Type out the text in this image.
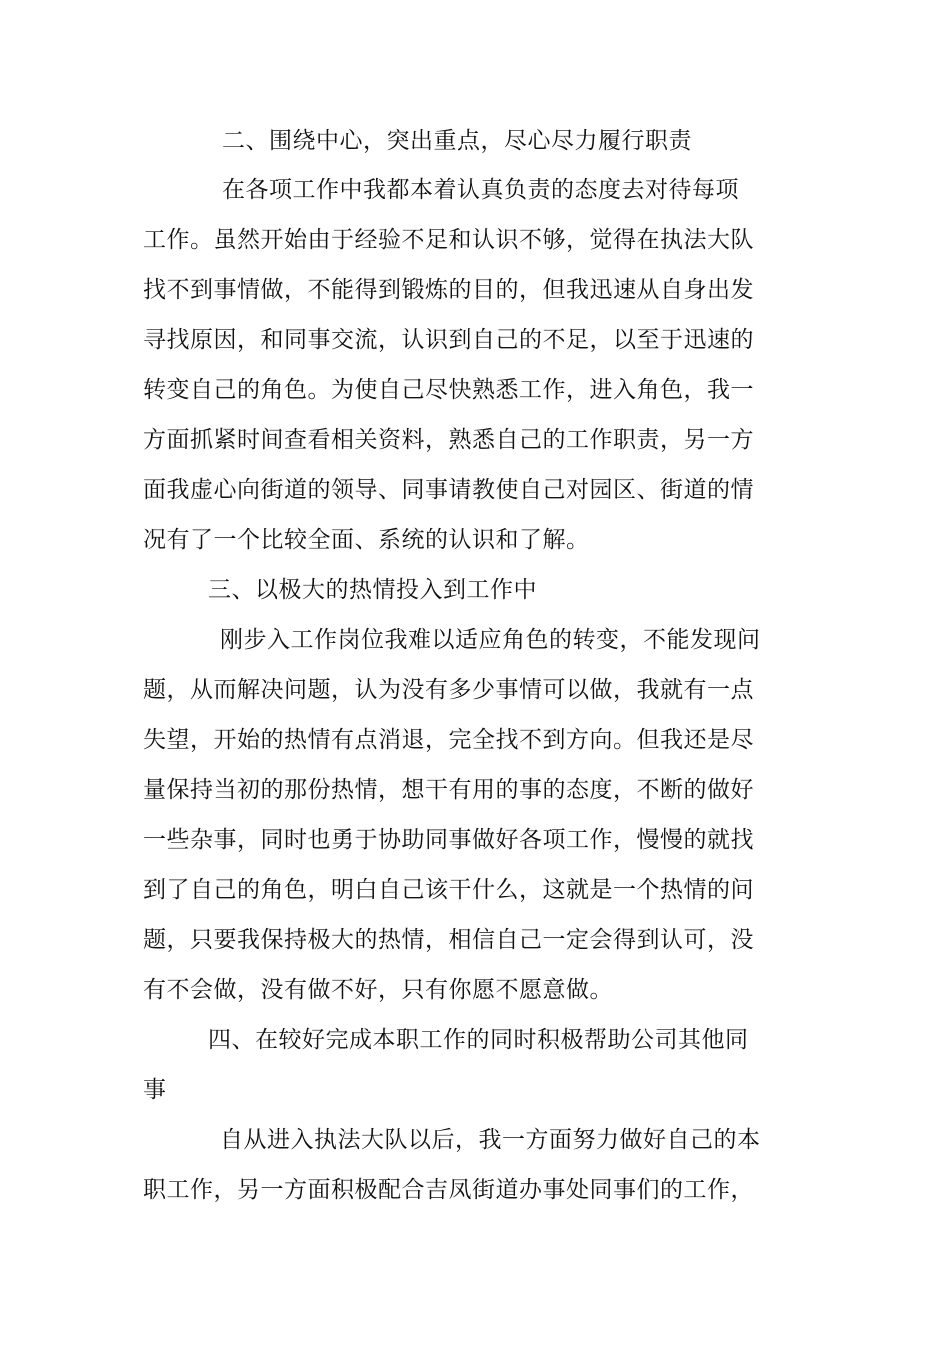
二、围绕中心，突出重点，尽心尽力履行职责
在各项工作中我都本着认真负责的态度去对待每项
工作。虽然开始由于经验不足和认识不够，觉得在执法大队
找不到事情做，不能得到锻炼的目的，但我迅速从自身出发
寻找原因，和同事交流，认识到自己的不足，以至于迅速的
转变自己的角色。为使自己尽快熟悉工作，进入角色，我一
方面抓紧时间查看相关资料，熟悉自己的工作职责，另一方
面我虚心向街道的领导、同事请教使自己对园区、街道的情
况有了一个比较全面、系统的认识和了解。
三、以极大的热情投入到工作中
刚步入工作岗位我难以适应角色的转变，不能发现问
题，从而解决问题，认为没有多少事情可以做，我就有一点
失望，开始的热情有点消退，完全找不到方向。但我还是尽
量保持当初的那份热情，想干有用的事的态度，不断的做好
一些杂事，同时也勇于协助同事做好各项工作，慢慢的就找
到了自己的角色，明白自己该干什么，这就是一个热情的问
题，只要我保持极大的热情，相信自己一定会得到认可，没
有不会做，没有做不好，只有你愿不愿意做。
四、在较好完成本职工作的同时积极帮助公司其他同
事
自从进入执法大队以后，我一方面努力做好自己的本
职工作，另一方面积极配合吉凤街道办事处同事们的工作，
